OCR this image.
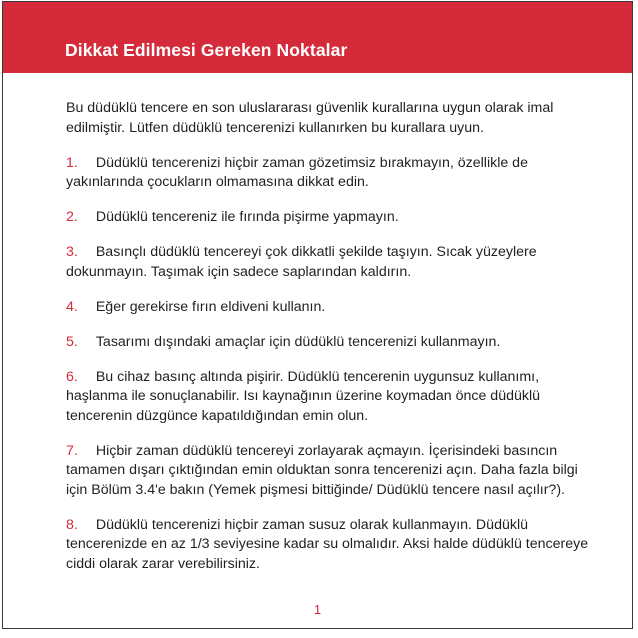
Dikkat Edilmesi Gereken Noktalar

Bu düdüklü tencere en son uluslararası güvenlik kurallarına uygun olarak imal edilmiştir. Lütfen düdüklü tencerenizi kullanırken bu kurallara uyun.

1. Düdüklü tencerenizi hiçbir zaman gözetimsiz bırakmayın, özellikle de yakınlarında çocukların olmamasına dikkat edin.

2. Düdüklü tencereniz ile fırında pişirme yapmayın.

3. Basınçlı düdüklü tencereyi çok dikkatli şekilde taşıyın. Sıcak yüzeylere dokunmayın. Taşımak için sadece saplarından kaldırın.

4. Eğer gerekirse fırın eldiveni kullanın.

5. Tasarımı dışındaki amaçlar için düdüklü tencerenizi kullanmayın.

6. Bu cihaz basınç altında pişirir. Düdüklü tencerenin uygunsuz kullanımı, haşlanma ile sonuçlanabilir. Isı kaynağının üzerine koymadan önce düdüklü tencerenin düzgünce kapatıldığından emin olun.

7. Hiçbir zaman düdüklü tencereyi zorlayarak açmayın. İçerisindeki basıncın tamamen dışarı çıktığından emin olduktan sonra tencerenizi açın. Daha fazla bilgi için Bölüm 3.4'e bakın (Yemek pişmesi bittiğinde/ Düdüklü tencere nasıl açılır?).

8. Düdüklü tencerenizi hiçbir zaman susuz olarak kullanmayın. Düdüklü tencerenizde en az 1/3 seviyesine kadar su olmalıdır. Aksi halde düdüklü tencereye ciddi olarak zarar verebilirsiniz.

1
